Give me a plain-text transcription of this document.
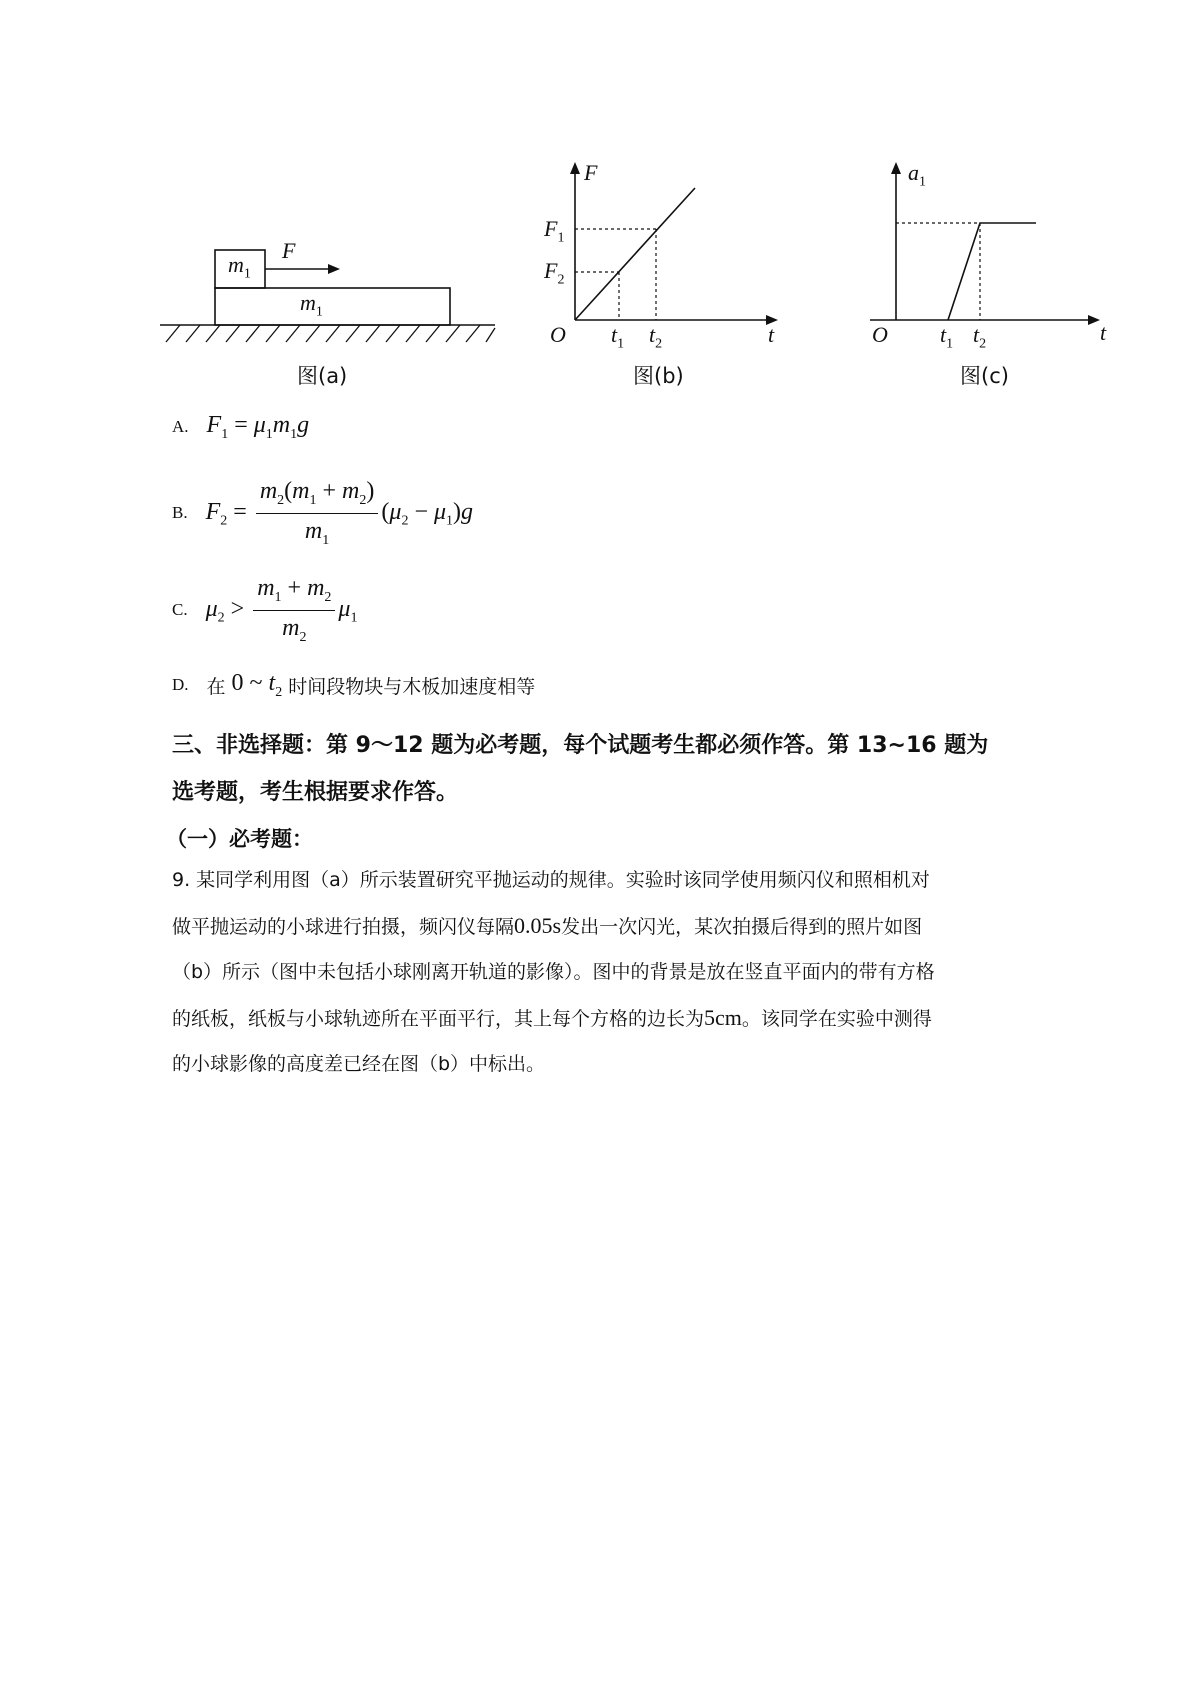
$m_1$
$m_1$
F
图(a)
F
t
O
$F_1$
$F_2$
$t_1$ $t_2$
图(b)
$a_1$
t
O $t_1$ $t_2$
图(c)
A. $F_1 = \mu_1m_1g$
B. $F_2 = \frac{m_2(m_1 + m_2)}{m_1} (\mu_2 - \mu_1)g$
C. $\mu_2 > \frac{m_1 + m_2}{m_2} \mu_1$
D. 在 0 ~ $t_2$ 时间段物块与木板加速度相等
三、非选择题：第 9～12 题为必考题，每个试题考生都必须作答。第 13~16 题为
选考题，考生根据要求作答。
（一）必考题：
9. 某同学利用图（a）所示装置研究平抛运动的规律。实验时该同学使用频闪仪和照相机对
做平抛运动的小球进行拍摄，频闪仪每隔0.05s发出一次闪光，某次拍摄后得到的照片如图
（b）所示（图中未包括小球刚离开轨道的影像）。图中的背景是放在竖直平面内的带有方格
的纸板，纸板与小球轨迹所在平面平行，其上每个方格的边长为5cm。该同学在实验中测得
的小球影像的高度差已经在图（b）中标出。
